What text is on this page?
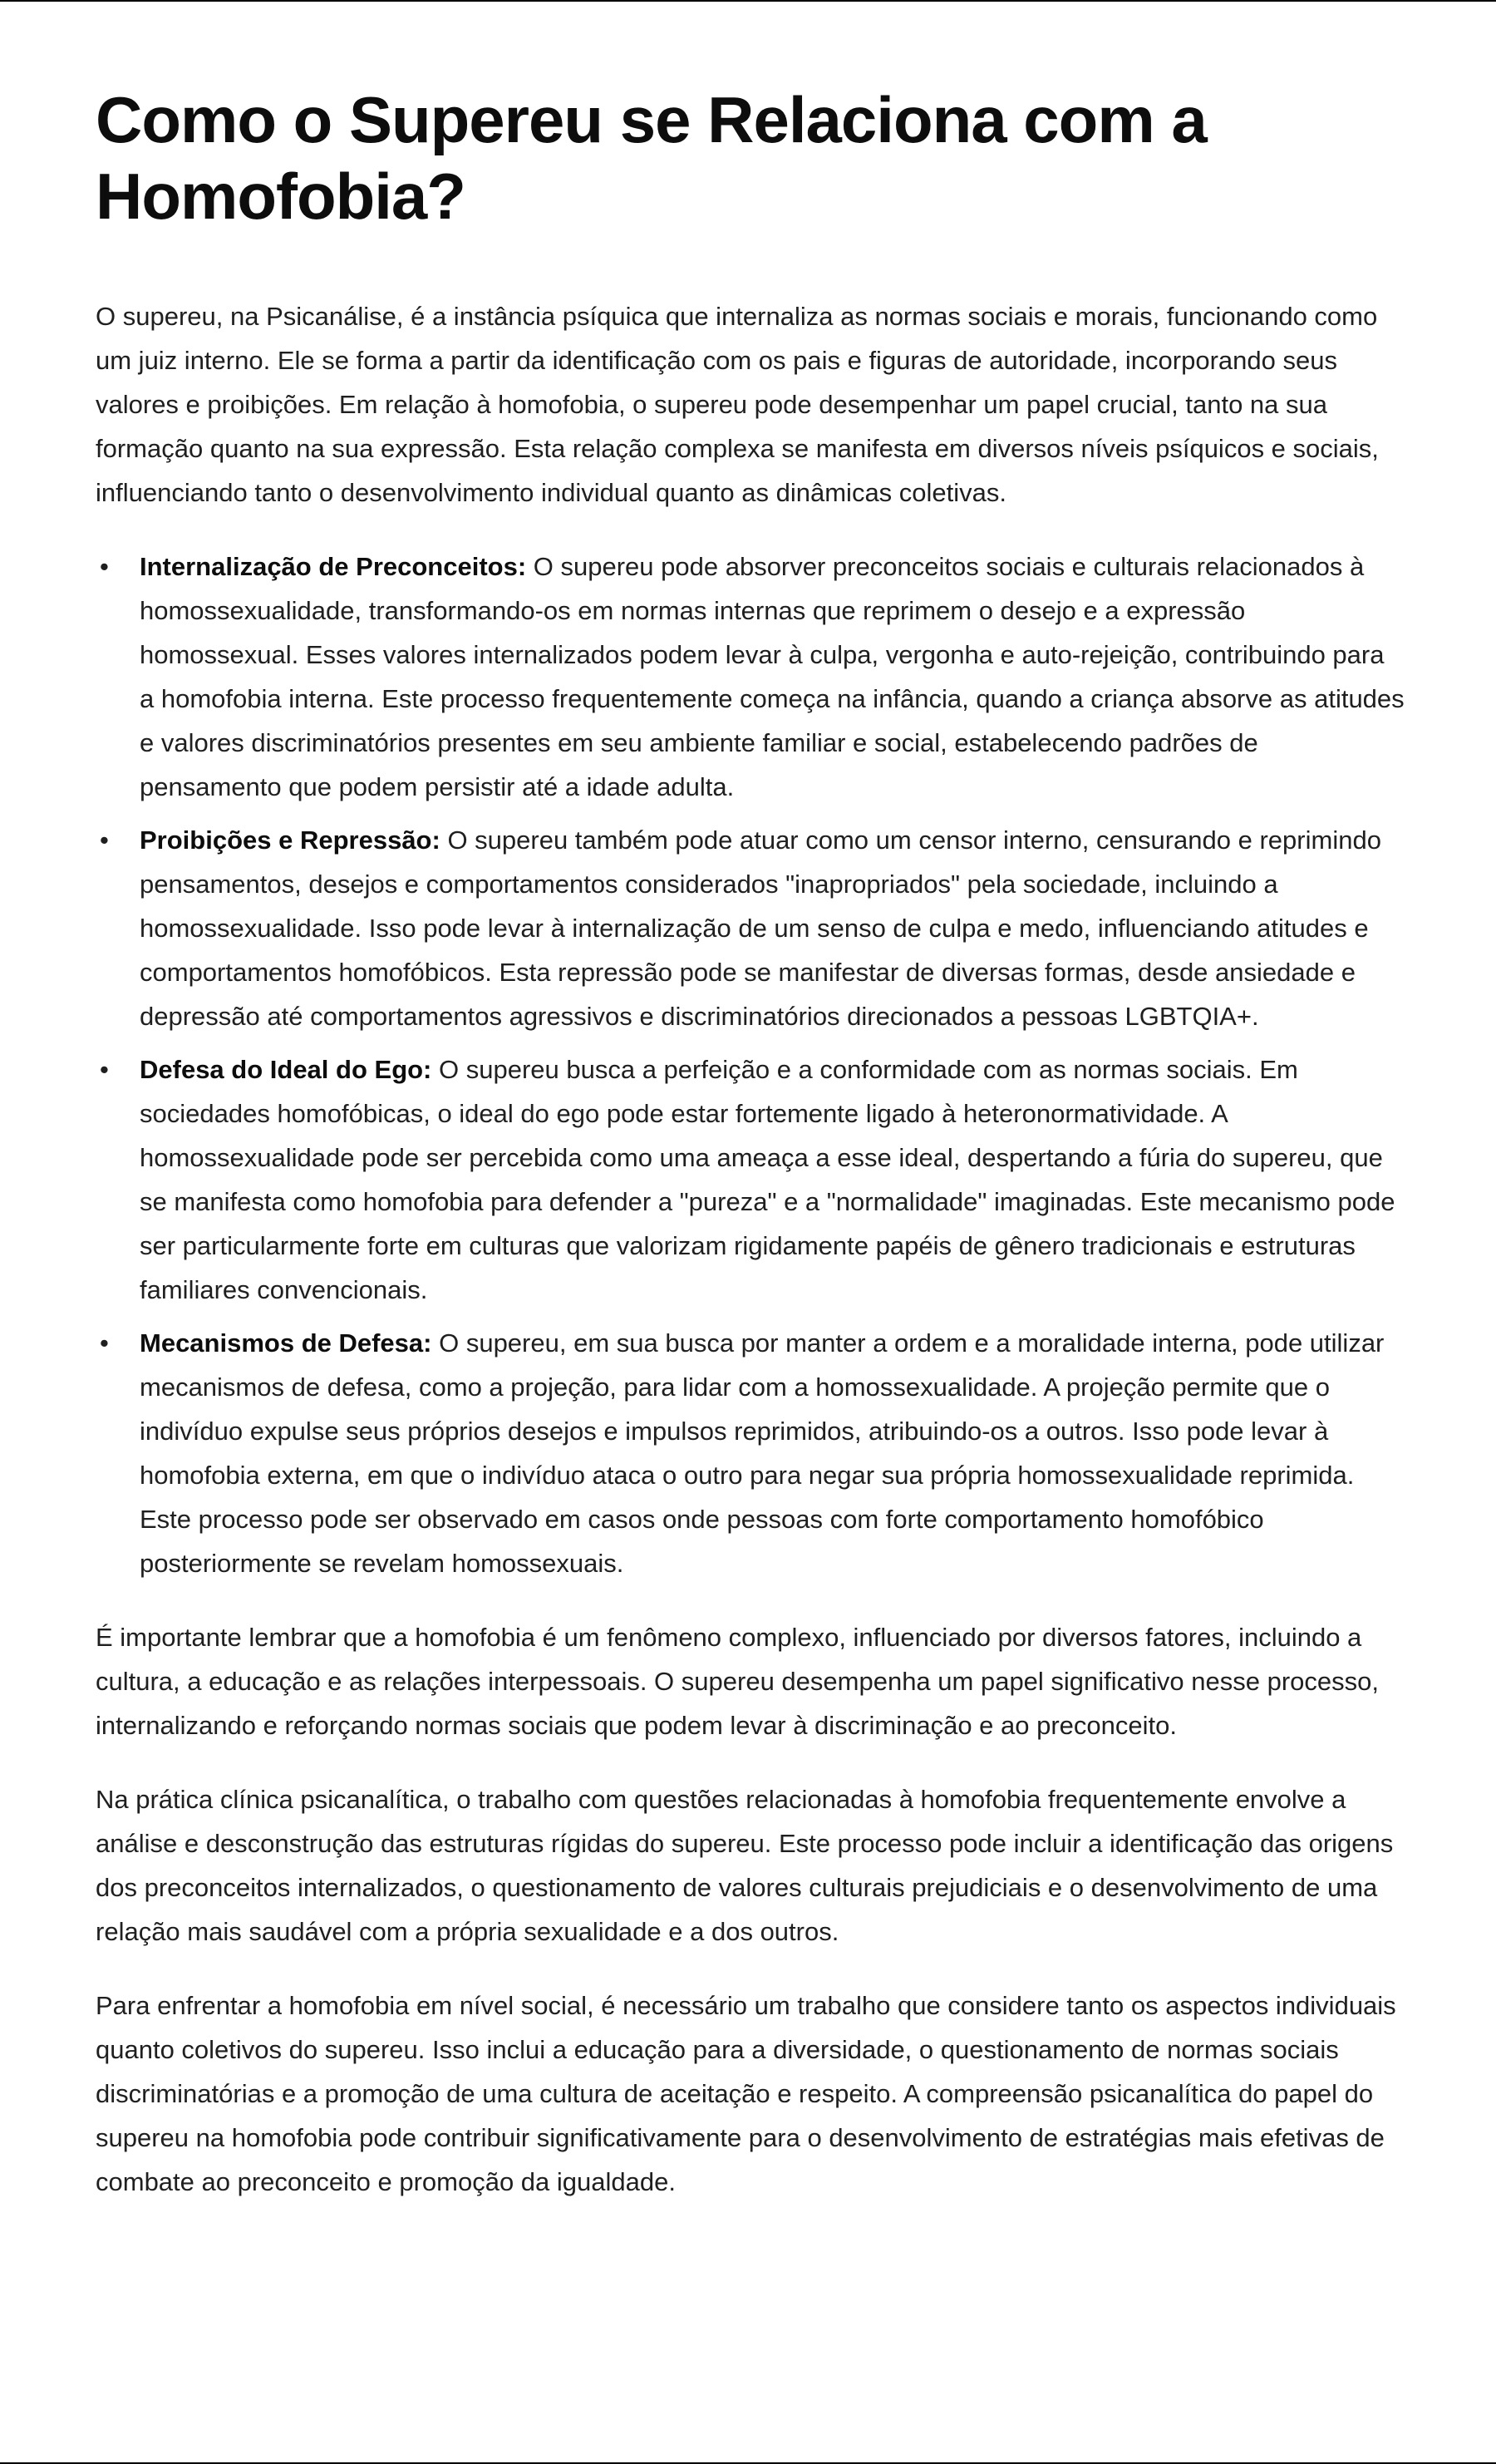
Como o Supereu se Relaciona com a Homofobia?

O supereu, na Psicanálise, é a instância psíquica que internaliza as normas sociais e morais, funcionando como um juiz interno. Ele se forma a partir da identificação com os pais e figuras de autoridade, incorporando seus valores e proibições. Em relação à homofobia, o supereu pode desempenhar um papel crucial, tanto na sua formação quanto na sua expressão. Esta relação complexa se manifesta em diversos níveis psíquicos e sociais, influenciando tanto o desenvolvimento individual quanto as dinâmicas coletivas.

• Internalização de Preconceitos: O supereu pode absorver preconceitos sociais e culturais relacionados à homossexualidade, transformando-os em normas internas que reprimem o desejo e a expressão homossexual. Esses valores internalizados podem levar à culpa, vergonha e auto-rejeição, contribuindo para a homofobia interna. Este processo frequentemente começa na infância, quando a criança absorve as atitudes e valores discriminatórios presentes em seu ambiente familiar e social, estabelecendo padrões de pensamento que podem persistir até a idade adulta.
• Proibições e Repressão: O supereu também pode atuar como um censor interno, censurando e reprimindo pensamentos, desejos e comportamentos considerados "inapropriados" pela sociedade, incluindo a homossexualidade. Isso pode levar à internalização de um senso de culpa e medo, influenciando atitudes e comportamentos homofóbicos. Esta repressão pode se manifestar de diversas formas, desde ansiedade e depressão até comportamentos agressivos e discriminatórios direcionados a pessoas LGBTQIA+.
• Defesa do Ideal do Ego: O supereu busca a perfeição e a conformidade com as normas sociais. Em sociedades homofóbicas, o ideal do ego pode estar fortemente ligado à heteronormatividade. A homossexualidade pode ser percebida como uma ameaça a esse ideal, despertando a fúria do supereu, que se manifesta como homofobia para defender a "pureza" e a "normalidade" imaginadas. Este mecanismo pode ser particularmente forte em culturas que valorizam rigidamente papéis de gênero tradicionais e estruturas familiares convencionais.
• Mecanismos de Defesa: O supereu, em sua busca por manter a ordem e a moralidade interna, pode utilizar mecanismos de defesa, como a projeção, para lidar com a homossexualidade. A projeção permite que o indivíduo expulse seus próprios desejos e impulsos reprimidos, atribuindo-os a outros. Isso pode levar à homofobia externa, em que o indivíduo ataca o outro para negar sua própria homossexualidade reprimida. Este processo pode ser observado em casos onde pessoas com forte comportamento homofóbico posteriormente se revelam homossexuais.

É importante lembrar que a homofobia é um fenômeno complexo, influenciado por diversos fatores, incluindo a cultura, a educação e as relações interpessoais. O supereu desempenha um papel significativo nesse processo, internalizando e reforçando normas sociais que podem levar à discriminação e ao preconceito.

Na prática clínica psicanalítica, o trabalho com questões relacionadas à homofobia frequentemente envolve a análise e desconstrução das estruturas rígidas do supereu. Este processo pode incluir a identificação das origens dos preconceitos internalizados, o questionamento de valores culturais prejudiciais e o desenvolvimento de uma relação mais saudável com a própria sexualidade e a dos outros.

Para enfrentar a homofobia em nível social, é necessário um trabalho que considere tanto os aspectos individuais quanto coletivos do supereu. Isso inclui a educação para a diversidade, o questionamento de normas sociais discriminatórias e a promoção de uma cultura de aceitação e respeito. A compreensão psicanalítica do papel do supereu na homofobia pode contribuir significativamente para o desenvolvimento de estratégias mais efetivas de combate ao preconceito e promoção da igualdade.
